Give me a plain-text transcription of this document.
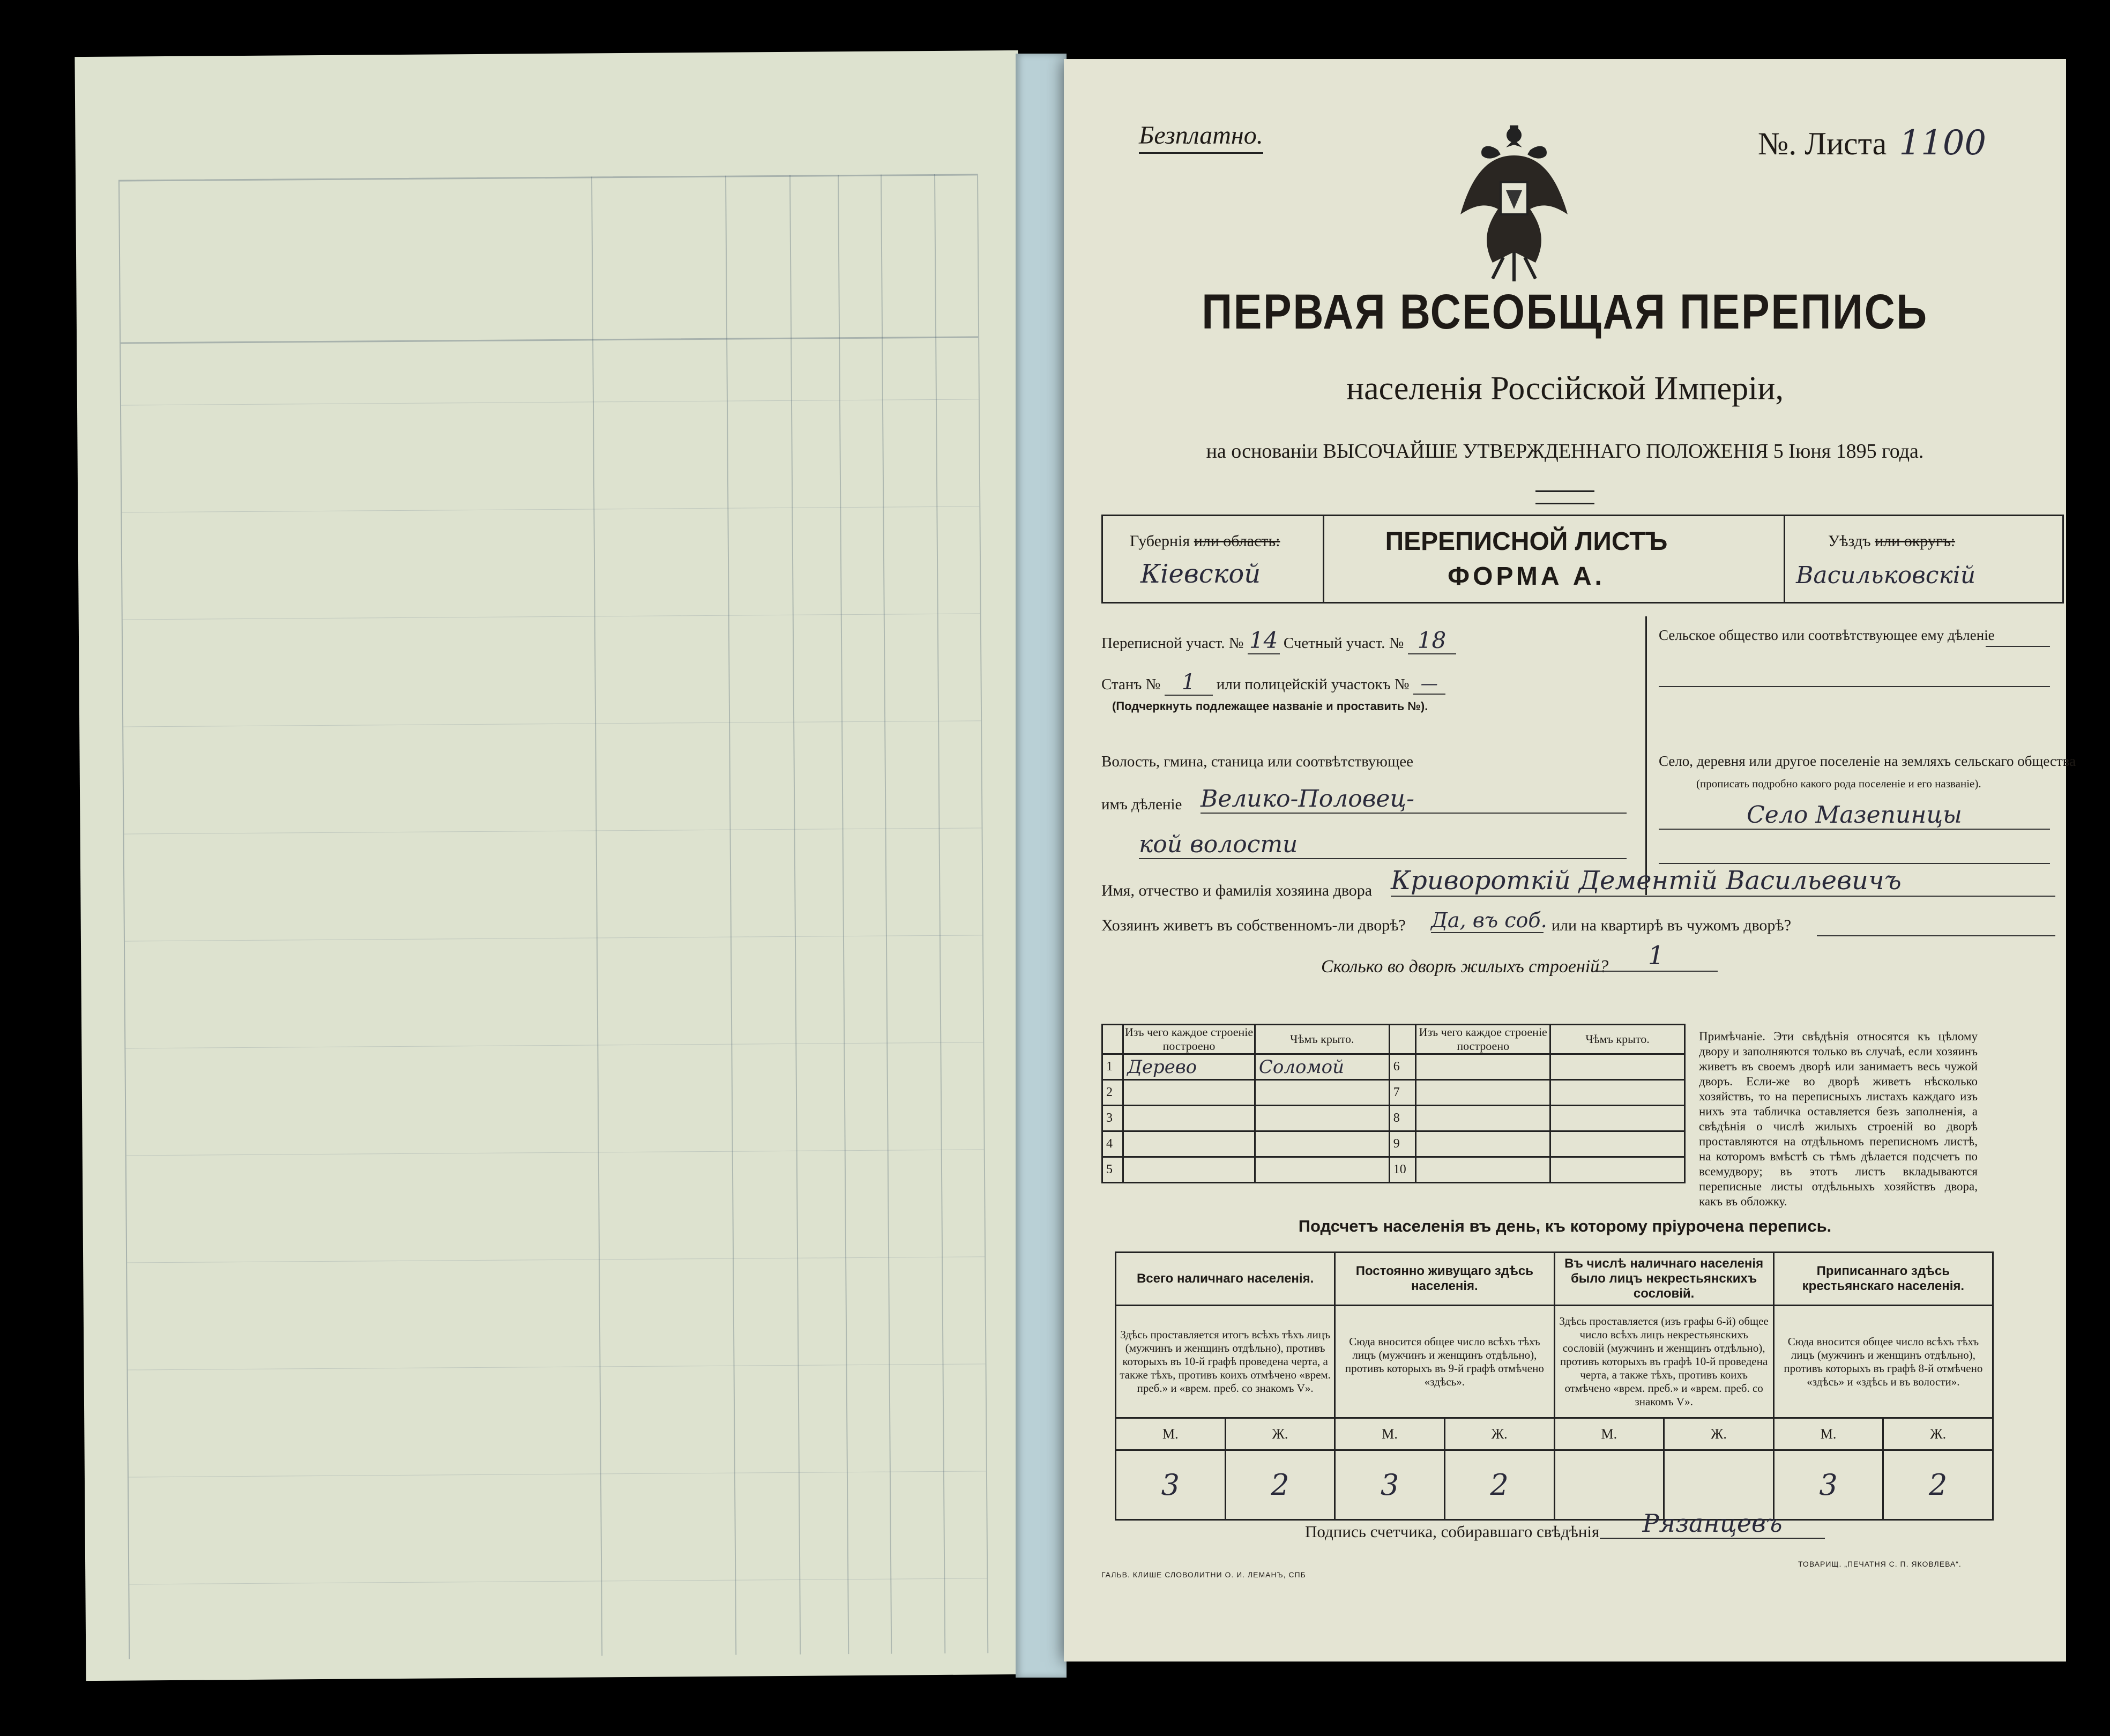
Безплатно.	№. Листа 1100
ПЕРВАЯ ВСЕОБЩАЯ ПЕРЕПИСЬ
населенія Россійской Имперіи,
на основаніи ВЫСОЧАЙШЕ УТВЕРЖДЕННАГО ПОЛОЖЕНІЯ 5 Іюня 1895 года.
Губернія или область:
Кіевской
ПЕРЕПИСНОЙ ЛИСТЪ
ФОРМА А.
Уѣздъ или округъ:
Васильковскій
Переписной участ. № 14 Счетный участ. № 18
Станъ № 1 или полицейскій участокъ № —
(Подчеркнуть подлежащее названіе и проставить №).
Волость, гмина, станица или соотвѣтствующее
имъ дѣленіе Велико-Половец-
кой волости
Сельское общество или соотвѣтствующее ему дѣленіе
Село, деревня или другое поселеніе на земляхъ сельскаго общества
(прописать подробно какого рода поселеніе и его названіе).
Село Мазепинцы
Имя, отчество и фамилія хозяина двора Кривороткій Дементій Васильевичъ
Хозяинъ живетъ въ собственномъ-ли дворѣ? Да, въ соб. или на квартирѣ въ чужомъ дворѣ?
Сколько во дворѣ жилыхъ строеній?	1
	Изъ чего каждое строеніе построено	Чѣмъ крыто.		Изъ чего каждое строеніе построено	Чѣмъ крыто.
1	Дерево	Соломой	6		
2			7		
3			8		
4			9		
5			10		
Примѣчаніе. Эти свѣдѣнія относятся къ цѣлому двору и заполняются только въ случаѣ, если хозяинъ живетъ въ своемъ дворѣ или занимаетъ весь чужой дворъ. Если-же во дворѣ живетъ нѣсколько хозяйствъ, то на переписныхъ листахъ каждаго изъ нихъ эта табличка оставляется безъ заполненія, а свѣдѣнія о числѣ жилыхъ строеній во дворѣ проставляются на отдѣльномъ переписномъ листѣ, на которомъ вмѣстѣ съ тѣмъ дѣлается подсчетъ по всемудвору; въ этотъ листъ вкладываются переписные листы отдѣльныхъ хозяйствъ двора, какъ въ обложку.
Подсчетъ населенія въ день, къ которому пріурочена перепись.
Всего наличнаго населенія.		Постоянно живущаго здѣсь населенія.		Въ числѣ наличнаго населенія было лицъ некрестьянскихъ сословій.		Приписаннаго здѣсь крестьянскаго населенія.	
Здѣсь проставляется итогъ всѣхъ тѣхъ лицъ (мужчинъ и женщинъ отдѣльно), противъ которыхъ въ 10-й графѣ проведена черта, а также тѣхъ, противъ коихъ отмѣчено «врем. преб.» и «врем. преб. со знакомъ V».		Сюда вносится общее число всѣхъ тѣхъ лицъ (мужчинъ и женщинъ отдѣльно), противъ которыхъ въ 9-й графѣ отмѣчено «здѣсь».		Здѣсь проставляется (изъ графы 6-й) общее число всѣхъ лицъ некрестьянскихъ сословій (мужчинъ и женщинъ отдѣльно), противъ которыхъ въ графѣ 10-й проведена черта, а также тѣхъ, противъ коихъ отмѣчено «врем. преб.» и «врем. преб. со знакомъ V».		Сюда вносится общее число всѣхъ тѣхъ лицъ (мужчинъ и женщинъ отдѣльно), противъ которыхъ въ графѣ 8-й отмѣчено «здѣсь» и «здѣсь и въ волости».	
М.	Ж.	М.	Ж.	М.	Ж.	М.	Ж.
3	2	3	2			3	2
Подпись счетчика, собиравшаго свѣдѣнія	Рязанцевъ
ГАЛЬВ. КЛИШЕ СЛОВОЛИТНИ О. И. ЛЕМАНЪ, СПБ
ТОВАРИЩ. „ПЕЧАТНЯ С. П. ЯКОВЛЕВА“.
